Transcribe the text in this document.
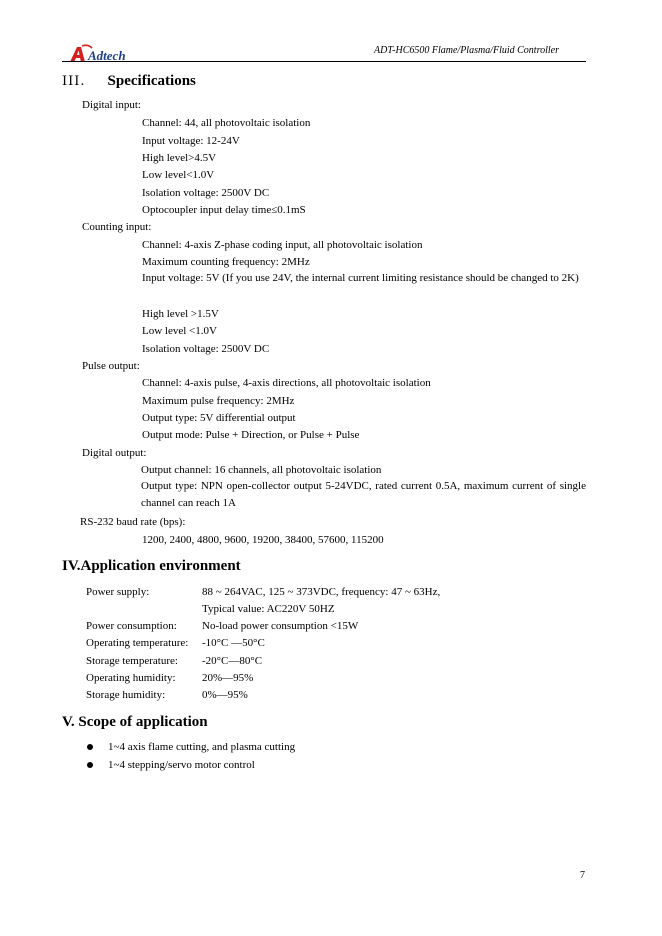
Adtech	ADT-HC6500 Flame/Plasma/Fluid Controller
III. Specifications
Digital input:
Channel: 44, all photovoltaic isolation
Input voltage: 12-24V
High level>4.5V
Low level<1.0V
Isolation voltage: 2500V DC
Optocoupler input delay time≤0.1mS
Counting input:
Channel: 4-axis Z-phase coding input, all photovoltaic isolation
Maximum counting frequency: 2MHz
Input voltage: 5V (If you use 24V, the internal current limiting resistance should be changed to 2K)
High level >1.5V
Low level <1.0V
Isolation voltage: 2500V DC
Pulse output:
Channel: 4-axis pulse, 4-axis directions, all photovoltaic isolation
Maximum pulse frequency: 2MHz
Output type: 5V differential output
Output mode: Pulse + Direction, or Pulse + Pulse
Digital output:
Output channel: 16 channels, all photovoltaic isolation
Output type: NPN open-collector output 5-24VDC, rated current 0.5A, maximum current of single channel can reach 1A
RS-232 baud rate (bps):
1200, 2400, 4800, 9600, 19200, 38400, 57600, 115200
IV.Application environment
Power supply:	88 ~ 264VAC, 125 ~ 373VDC, frequency: 47 ~ 63Hz,
Typical value: AC220V 50HZ
Power consumption: No-load power consumption <15W
Operating temperature: -10°C —50°C
Storage temperature: -20°C—80°C
Operating humidity: 20%—95%
Storage humidity:	0%—95%
V. Scope of application
1~4 axis flame cutting, and plasma cutting
1~4 stepping/servo motor control
7
